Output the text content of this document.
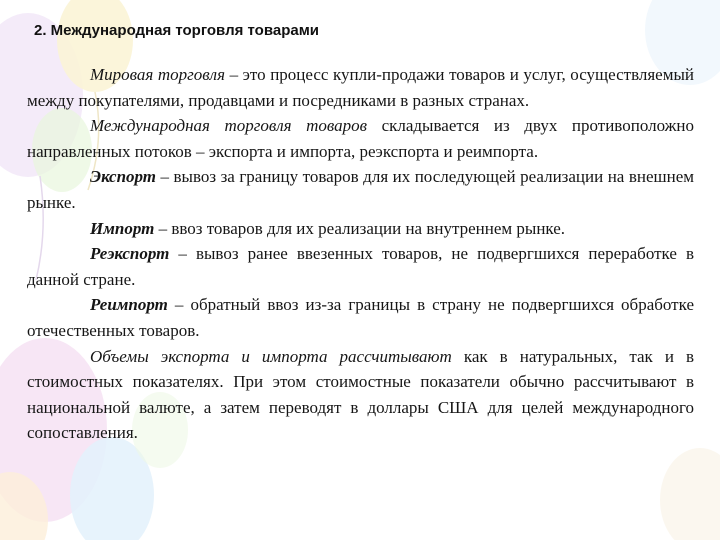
2. Международная торговля товарами

Мировая торговля – это процесс купли-продажи товаров и услуг, осуществляемый между покупателями, продавцами и посредниками в разных странах.

Международная торговля товаров складывается из двух противоположно направленных потоков – экспорта и импорта, реэкспорта и реимпорта.

Экспорт – вывоз за границу товаров для их последующей реализации на внешнем рынке.

Импорт – ввоз товаров для их реализации на внутреннем рынке.

Реэкспорт – вывоз ранее ввезенных товаров, не подвергшихся переработке в данной стране.

Реимпорт – обратный ввоз из-за границы в страну не подвергшихся обработке отечественных товаров.

Объемы экспорта и импорта рассчитывают как в натуральных, так и в стоимостных показателях. При этом стоимостные показатели обычно рассчитывают в национальной валюте, а затем переводят в доллары США для целей международного сопоставления.
